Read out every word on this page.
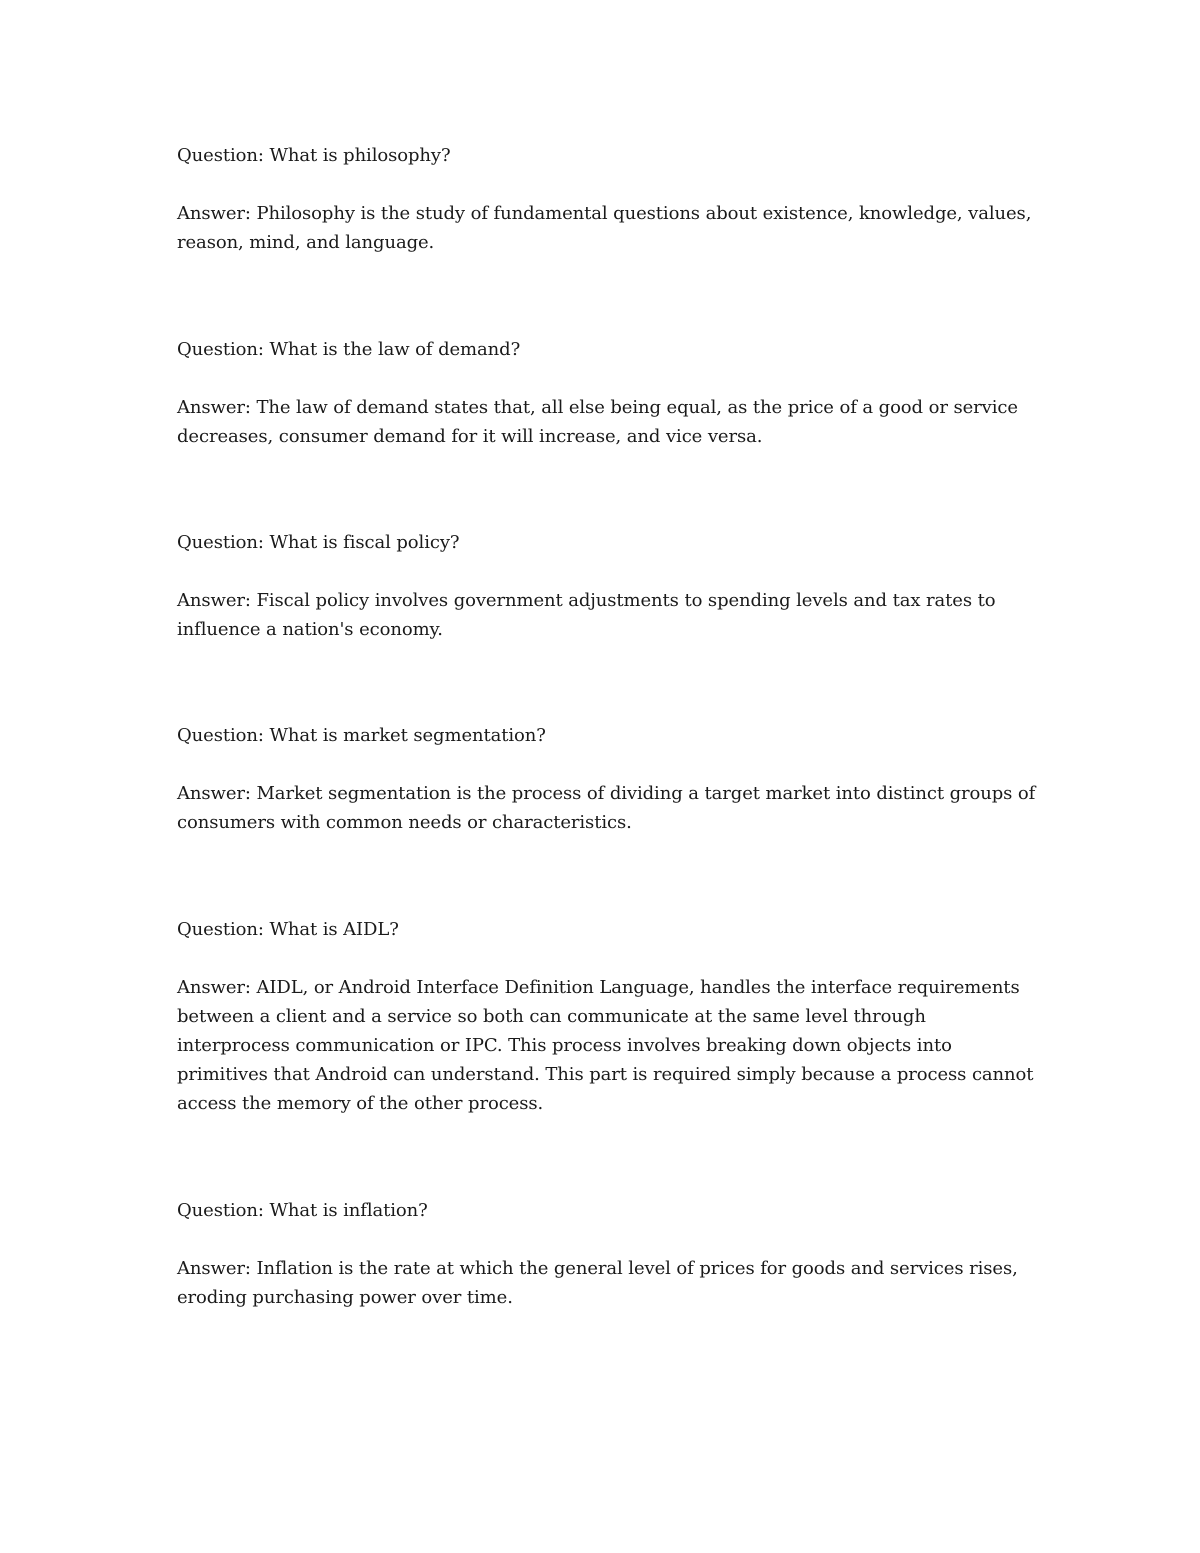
Question: What is philosophy?

Answer: Philosophy is the study of fundamental questions about existence, knowledge, values, reason, mind, and language.

Question: What is the law of demand?

Answer: The law of demand states that, all else being equal, as the price of a good or service decreases, consumer demand for it will increase, and vice versa.

Question: What is fiscal policy?

Answer: Fiscal policy involves government adjustments to spending levels and tax rates to influence a nation's economy.

Question: What is market segmentation?

Answer: Market segmentation is the process of dividing a target market into distinct groups of consumers with common needs or characteristics.

Question: What is AIDL?

Answer: AIDL, or Android Interface Definition Language, handles the interface requirements between a client and a service so both can communicate at the same level through interprocess communication or IPC. This process involves breaking down objects into primitives that Android can understand. This part is required simply because a process cannot access the memory of the other process.

Question: What is inflation?

Answer: Inflation is the rate at which the general level of prices for goods and services rises, eroding purchasing power over time.
